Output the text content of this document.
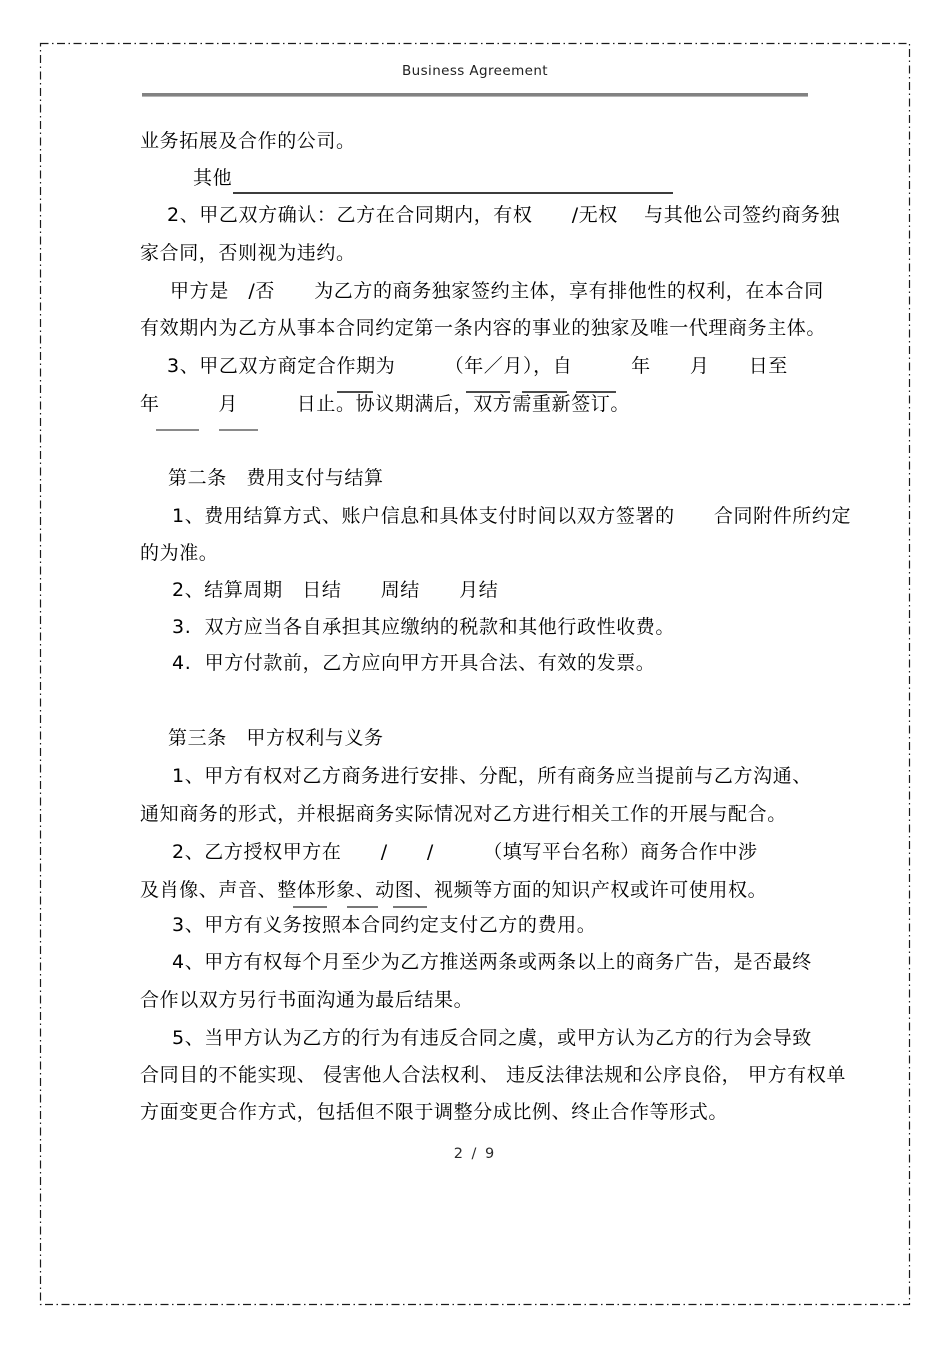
Business Agreement
业务拓展及合作的公司。
其他
2、甲乙双方确认：乙方在合同期内，有权　　/无权　 与其他公司签约商务独
家合同，否则视为违约。
甲方是　/否　　为乙方的商务独家签约主体，享有排他性的权利，在本合同
有效期内为乙方从事本合同约定第一条内容的事业的独家及唯一代理商务主体。
3、甲乙双方商定合作期为　　　（年／月），自　　　年　　月　　日至
年　　　月　　　日止。协议期满后，双方需重新签订。
第二条　费用支付与结算
1、费用结算方式、账户信息和具体支付时间以双方签署的　　合同附件所约定
的为准。
2、结算周期　日结　　周结　　月结
3.  双方应当各自承担其应缴纳的税款和其他行政性收费。
4.  甲方付款前，乙方应向甲方开具合法、有效的发票。
第三条　甲方权利与义务
1、甲方有权对乙方商务进行安排、分配，所有商务应当提前与乙方沟通、
通知商务的形式，并根据商务实际情况对乙方进行相关工作的开展与配合。
2、乙方授权甲方在　　/　　/　　　（填写平台名称）商务合作中涉
及肖像、声音、整体形象、动图、视频等方面的知识产权或许可使用权。
3、甲方有义务按照本合同约定支付乙方的费用。
4、甲方有权每个月至少为乙方推送两条或两条以上的商务广告，是否最终
合作以双方另行书面沟通为最后结果。
5、当甲方认为乙方的行为有违反合同之虞，或甲方认为乙方的行为会导致
合同目的不能实现、 侵害他人合法权利、 违反法律法规和公序良俗， 甲方有权单
方面变更合作方式，包括但不限于调整分成比例、终止合作等形式。
2 / 9
